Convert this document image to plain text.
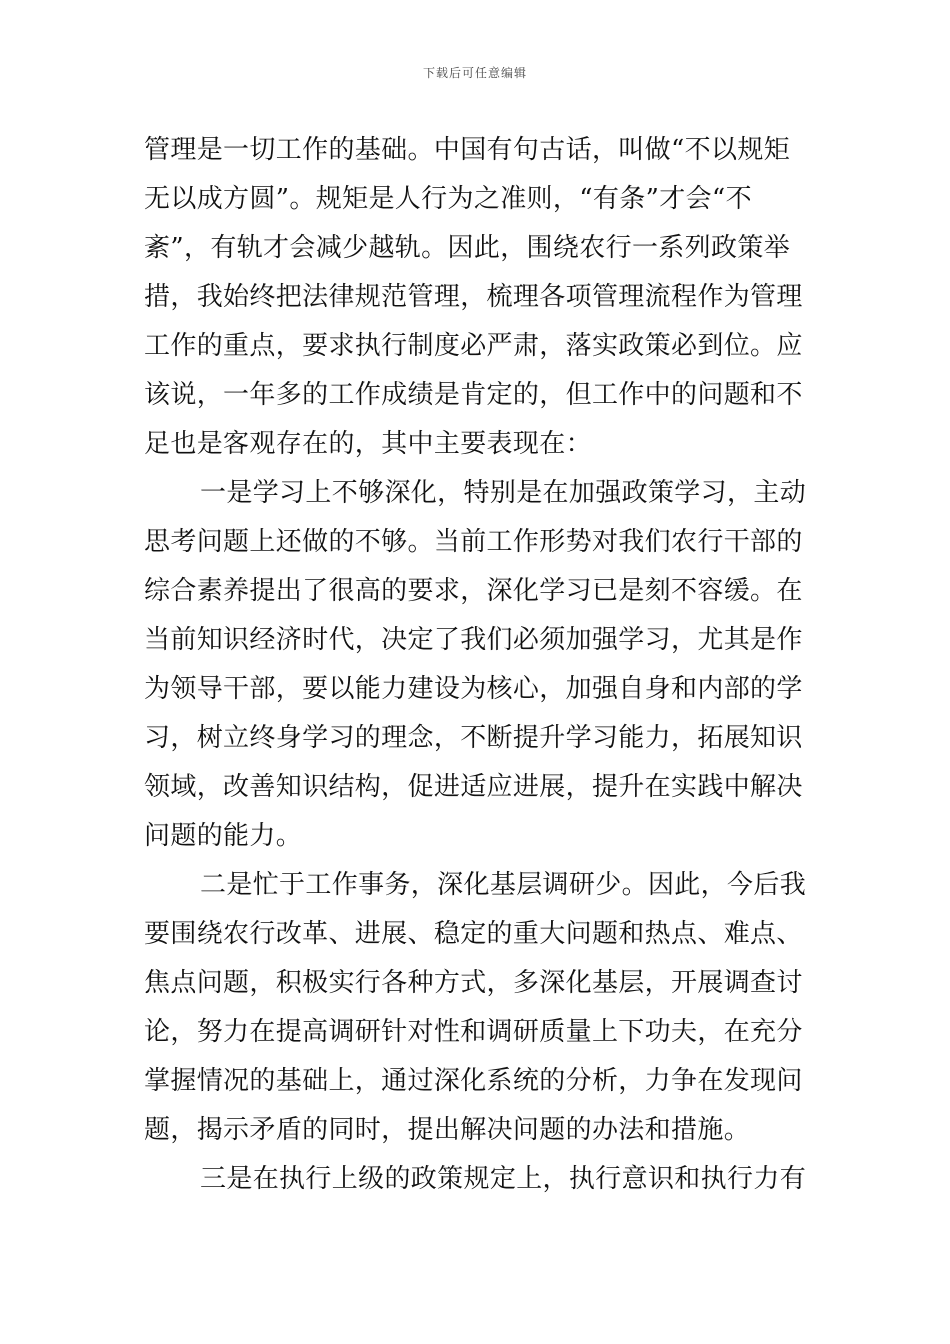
下载后可任意编辑
管理是一切工作的基础。中国有句古话，叫做“不以规矩
无以成方圆”。规矩是人行为之准则，“有条”才会“不
紊”，有轨才会减少越轨。因此，围绕农行一系列政策举
措，我始终把法律规范管理，梳理各项管理流程作为管理
工作的重点，要求执行制度必严肃，落实政策必到位。应
该说，一年多的工作成绩是肯定的，但工作中的问题和不
足也是客观存在的，其中主要表现在：
一是学习上不够深化，特别是在加强政策学习，主动
思考问题上还做的不够。当前工作形势对我们农行干部的
综合素养提出了很高的要求，深化学习已是刻不容缓。在
当前知识经济时代，决定了我们必须加强学习，尤其是作
为领导干部，要以能力建设为核心，加强自身和内部的学
习，树立终身学习的理念，不断提升学习能力，拓展知识
领域，改善知识结构，促进适应进展，提升在实践中解决
问题的能力。
二是忙于工作事务，深化基层调研少。因此，今后我
要围绕农行改革、进展、稳定的重大问题和热点、难点、
焦点问题，积极实行各种方式，多深化基层，开展调查讨
论，努力在提高调研针对性和调研质量上下功夫，在充分
掌握情况的基础上，通过深化系统的分析，力争在发现问
题，揭示矛盾的同时，提出解决问题的办法和措施。
三是在执行上级的政策规定上，执行意识和执行力有
